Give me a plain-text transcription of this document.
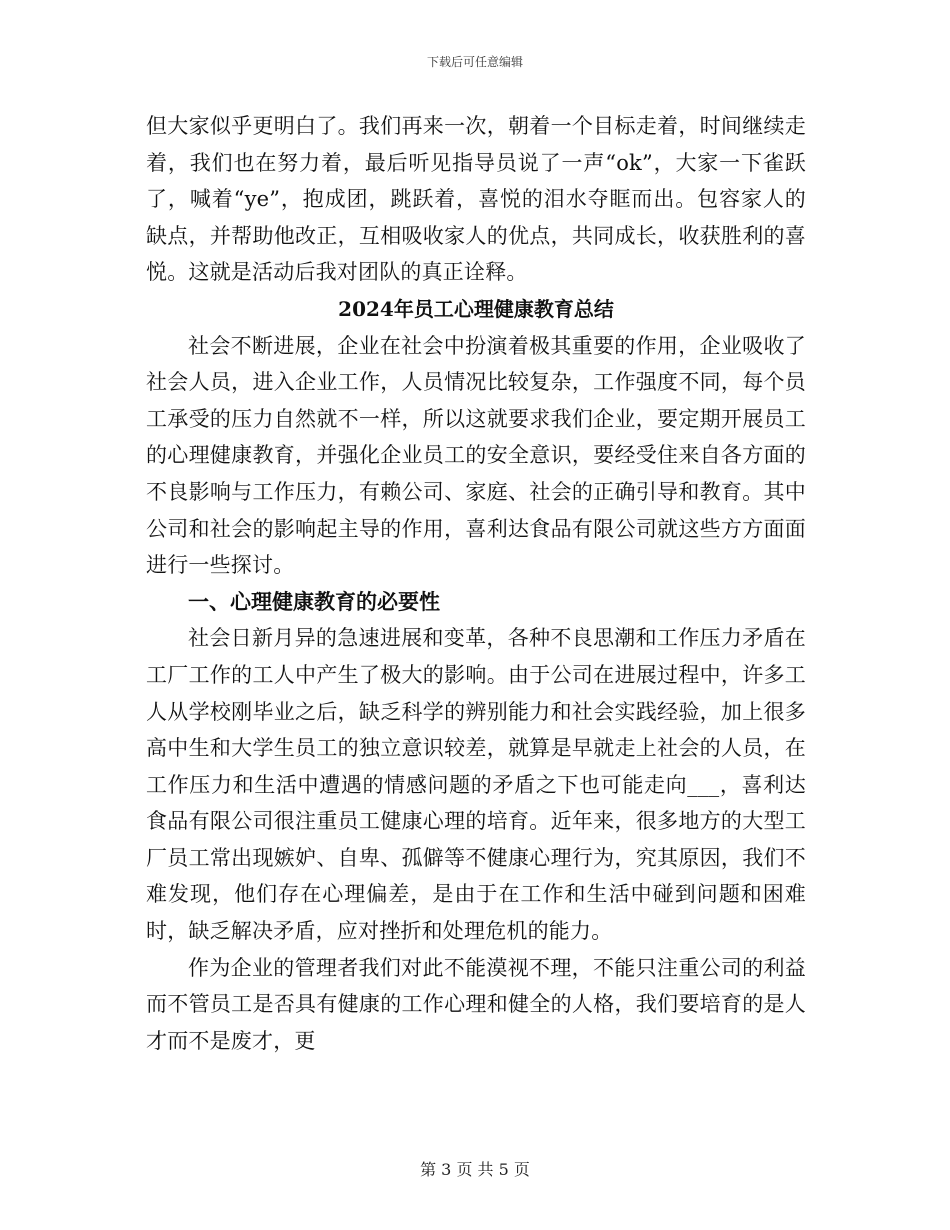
下载后可任意编辑

但大家似乎更明白了。我们再来一次，朝着一个目标走着，时间继续走着，我们也在努力着，最后听见指导员说了一声“ok”，大家一下雀跃了，喊着“ye”，抱成团，跳跃着，喜悦的泪水夺眶而出。包容家人的缺点，并帮助他改正，互相吸收家人的优点，共同成长，收获胜利的喜悦。这就是活动后我对团队的真正诠释。

2024年员工心理健康教育总结

社会不断进展，企业在社会中扮演着极其重要的作用，企业吸收了社会人员，进入企业工作，人员情况比较复杂，工作强度不同，每个员工承受的压力自然就不一样，所以这就要求我们企业，要定期开展员工的心理健康教育，并强化企业员工的安全意识，要经受住来自各方面的不良影响与工作压力，有赖公司、家庭、社会的正确引导和教育。其中公司和社会的影响起主导的作用，喜利达食品有限公司就这些方方面面进行一些探讨。

一、心理健康教育的必要性

社会日新月异的急速进展和变革，各种不良思潮和工作压力矛盾在工厂工作的工人中产生了极大的影响。由于公司在进展过程中，许多工人从学校刚毕业之后，缺乏科学的辨别能力和社会实践经验，加上很多高中生和大学生员工的独立意识较差，就算是早就走上社会的人员，在工作压力和生活中遭遇的情感问题的矛盾之下也可能走向___，喜利达食品有限公司很注重员工健康心理的培育。近年来，很多地方的大型工厂员工常出现嫉妒、自卑、孤僻等不健康心理行为，究其原因，我们不难发现，他们存在心理偏差，是由于在工作和生活中碰到问题和困难时，缺乏解决矛盾，应对挫折和处理危机的能力。

作为企业的管理者我们对此不能漠视不理，不能只注重公司的利益而不管员工是否具有健康的工作心理和健全的人格，我们要培育的是人才而不是废才，更

第 3 页 共 5 页
